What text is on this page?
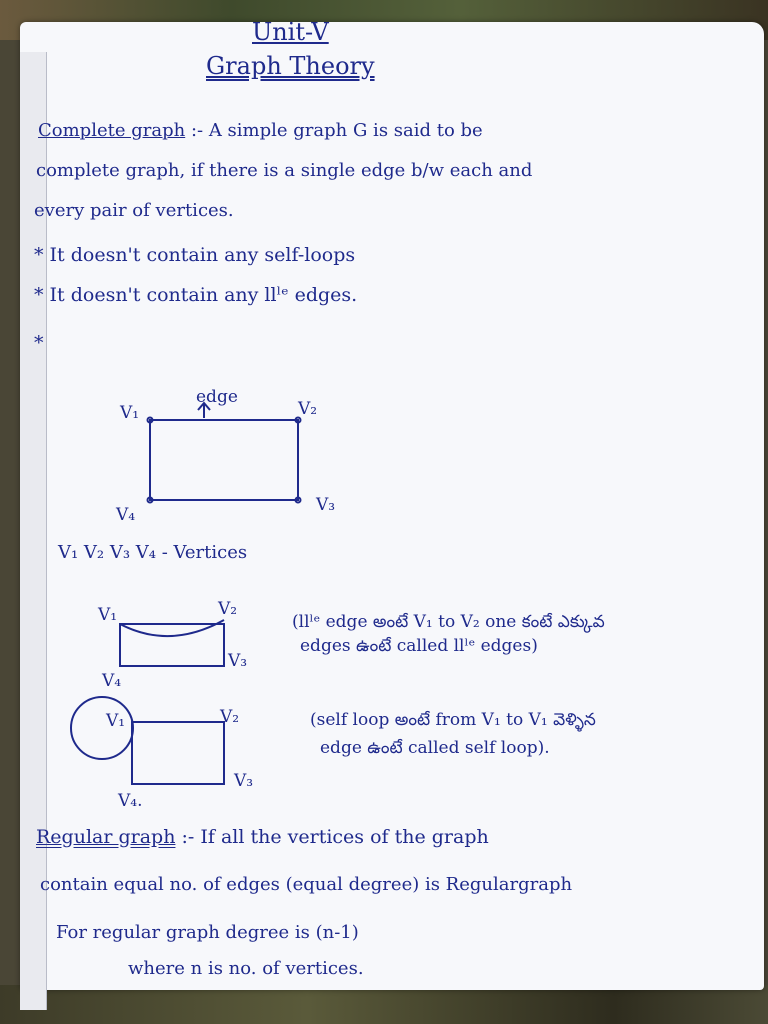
Unit-V
Graph Theory
Complete graph :- A simple graph G is said to be
complete graph, if there is a single edge b/w each and
every pair of vertices.
* It doesn't contain any self-loops
* It doesn't contain any llˡᵉ edges.
*
edge
V₁	V₂
V₃
V₄
V₁	V₂
V₃
V₄
V₁	V₂
V₃
V₄.
V₁ V₂ V₃ V₄ - Vertices
(llˡᵉ edge అంటే V₁ to V₂ one కంటే ఎక్కువ
edges ఉంటే called llˡᵉ edges)
(self loop అంటే from V₁ to V₁ వెళ్ళిన
edge ఉంటే called self loop).
Regular graph :- If all the vertices of the graph
contain equal no. of edges (equal degree) is Regulargraph
For regular graph degree is (n-1)
where n is no. of vertices.
